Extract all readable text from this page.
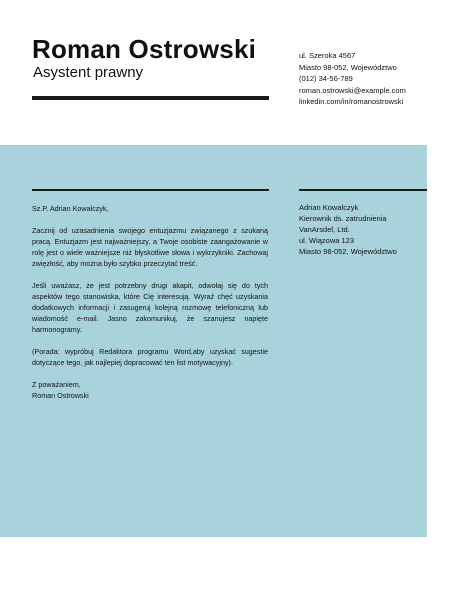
Roman Ostrowski
Asystent prawny
ul. Szeroka 4567
Miasto 98-052, Województwo
(012) 34-56-789
roman.ostrowski@example.com
linkedin.com/in/romanostrowski

Sz.P. Adrian Kowalczyk,

Zacznij od uzasadnienia swojego entuzjazmu związanego z szukaną pracą. Entuzjazm jest najważniejszy, a Twoje osobiste zaangażowanie w rolę jest o wiele ważniejsze niż błyskotliwe słowa i wykrzykniki. Zachowaj zwięzłość, aby można było szybko przeczytać treść.

Jeśli uważasz, że jest potrzebny drugi akapit, odwołaj się do tych aspektów tego stanowiska, które Cię interesują. Wyraź chęć uzyskania dodatkowych informacji i zasugeruj kolejną rozmowę telefoniczną lub wiadomość e-mail. Jasno zakomunikuj, że szanujesz napięte harmonogramy.

(Porada: wypróbuj Redaktora programu Word,aby uzyskać sugestie dotyczące tego, jak najlepiej dopracować ten list motywacyjny).

Z poważaniem,

Roman Ostrowski

Adrian Kowalczyk
Kierownik ds. zatrudnienia
VanArsdel, Ltd.
ul. Wiązowa 123
Miasto 98-052, Województwo
